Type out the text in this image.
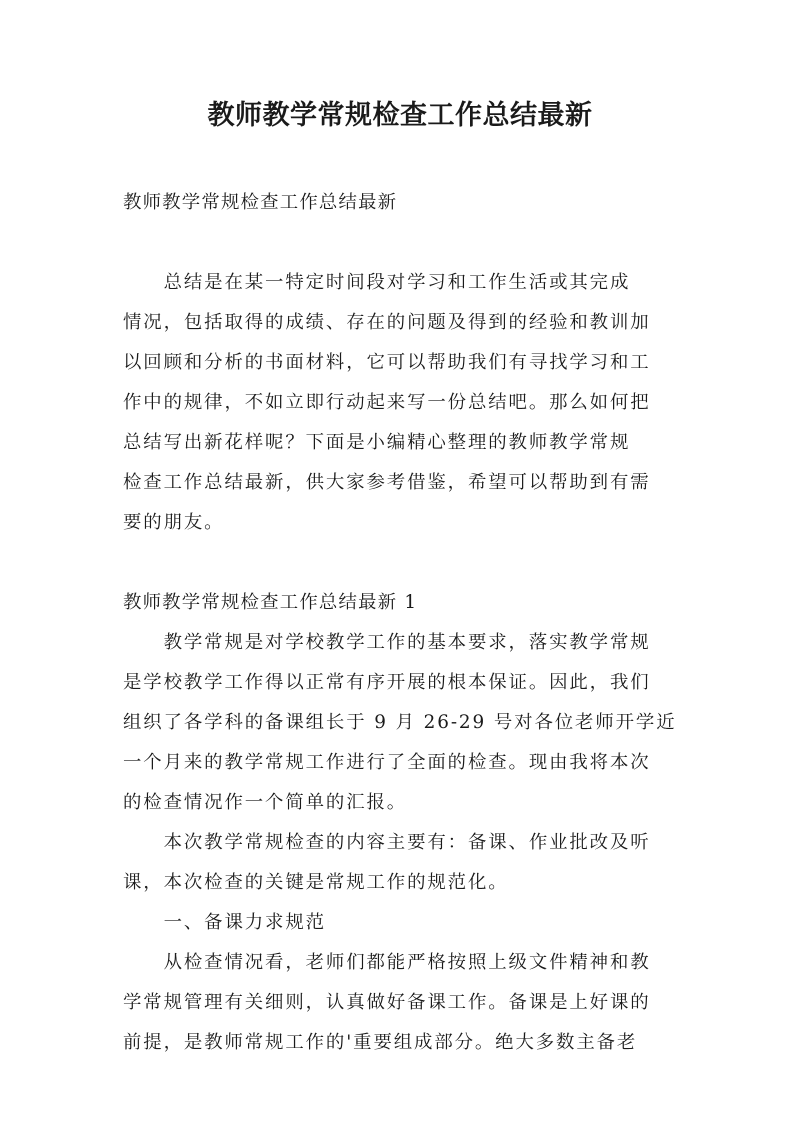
教师教学常规检查工作总结最新

教师教学常规检查工作总结最新

　　总结是在某一特定时间段对学习和工作生活或其完成
情况，包括取得的成绩、存在的问题及得到的经验和教训加
以回顾和分析的书面材料，它可以帮助我们有寻找学习和工
作中的规律，不如立即行动起来写一份总结吧。那么如何把
总结写出新花样呢？下面是小编精心整理的教师教学常规
检查工作总结最新，供大家参考借鉴，希望可以帮助到有需
要的朋友。

教师教学常规检查工作总结最新 1

　　教学常规是对学校教学工作的基本要求，落实教学常规
是学校教学工作得以正常有序开展的根本保证。因此，我们
组织了各学科的备课组长于 9 月 26-29 号对各位老师开学近
一个月来的教学常规工作进行了全面的检查。现由我将本次
的检查情况作一个简单的汇报。
　　本次教学常规检查的内容主要有：备课、作业批改及听
课，本次检查的关键是常规工作的规范化。
　　一、备课力求规范
　　从检查情况看，老师们都能严格按照上级文件精神和教
学常规管理有关细则，认真做好备课工作。备课是上好课的
前提，是教师常规工作的'重要组成部分。绝大多数主备老
